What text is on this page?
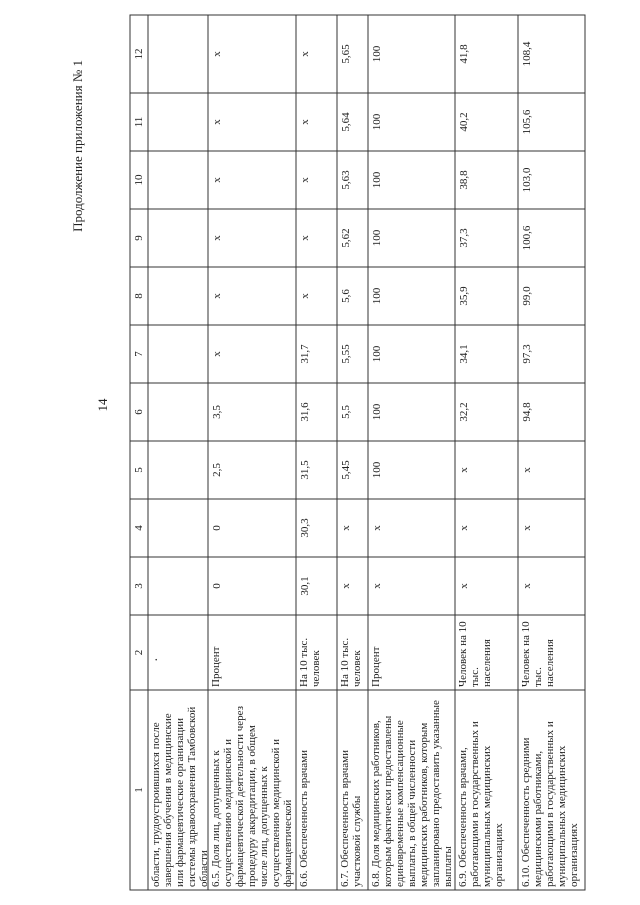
14
Продолжение приложения № 1
1
2
3
4
5
6
7
8
9
10
11
12
области, трудоустроившихся после
завершения обучения в медицинские
или фармацевтические организации
системы здравоохранения Тамбовской
области 6.5. Доля лиц, допущенных к
осуществлению медицинской и
фармацевтической деятельности через
процедуру аккредитации, в общем
числе лиц, допущенных к
осуществлению медицинской и
фармацевтической
Процент
0
0
2,5
3,5
х
х
х
х
х
х
6.6. Обеспеченность врачами
На 10 тыс.
человек
30,1
30,3
31,5
31,6
31,7
х
х
х
х
х
6.7. Обеспеченность врачами
участковой службы
На 10 тыс.
человек
х
х
5,45
5,5
5,55
5,6
5,62
5,63
5,64
5,65
6.8. Доля медицинских работников,
которым фактически предоставлены
единовременные компенсационные
выплаты, в общей численности
медицинских работников, которым
запланировано предоставить указанные
выплаты
Процент
х
х
100
100
100
100
100
100
100
100
6.9. Обеспеченность врачами,
работающими в государственных и
муниципальных медицинских
организациях
Человек на 10
тыс. населения
х
х
х
32,2
34,1
35,9
37,3
38,8
40,2
41,8
6.10. Обеспеченность средними
медицинскими работниками,
работающими в государственных и
муниципальных медицинских
организациях
Человек на 10
тыс. населения
х
х
х
94,8
97,3
99,0
100,6
103,0
105,6
108,4
·
